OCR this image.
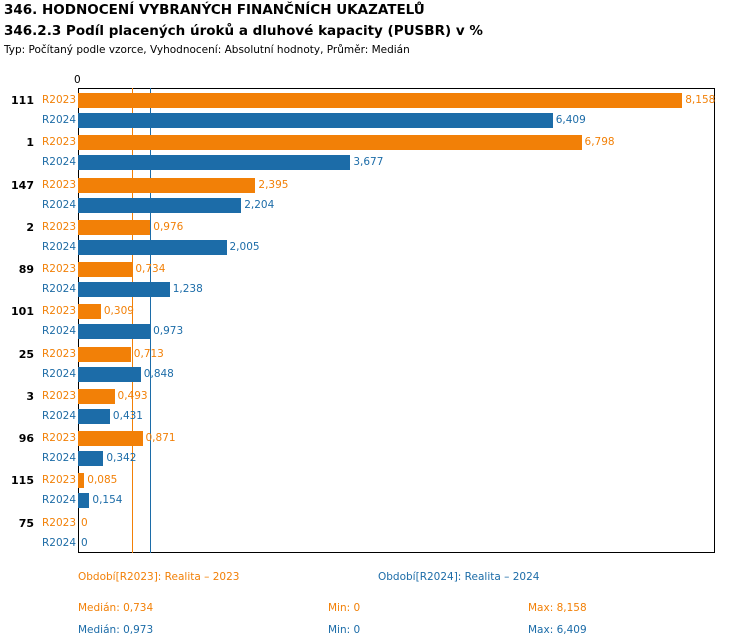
346. HODNOCENÍ VYBRANÝCH FINANČNÍCH UKAZATELŮ
346.2.3 Podíl placených úroků a dluhové kapacity (PUSBR) v %
Typ: Počítaný podle vzorce, Vyhodnocení: Absolutní hodnoty, Průměr: Medián
0
8,158
6,409
6,798
3,677
2,395
2,204
0,976
2,005
0,734
1,238
0,309
0,973
0,713
0,848
0,493
0,431
0,871
0,342
0,085
0,154
0
0
R2023
R2024
111
R2023
R2024
1
R2023
R2024
147
R2023
R2024
2
R2023
R2024
89
R2023
R2024
101
R2023
R2024
25
R2023
R2024
3
R2023
R2024
96
R2023
R2024
115
R2023
R2024
75
Období[R2023]: Realita – 2023	Období[R2024]: Realita – 2024
Medián: 0,734	Min: 0	Max: 8,158
Medián: 0,973	Min: 0	Max: 6,409
